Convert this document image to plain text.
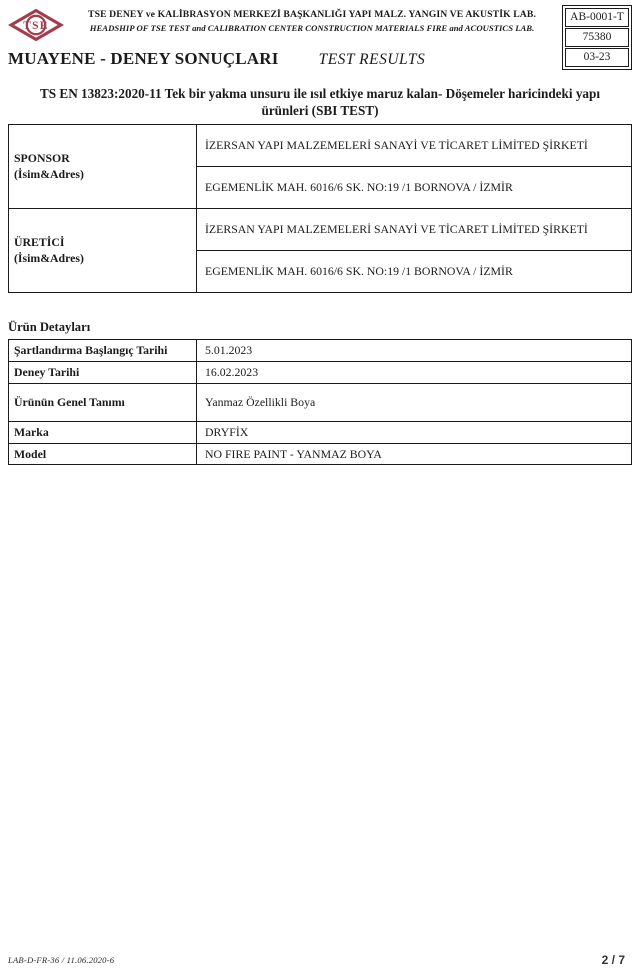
TSE
TSE DENEY ve KALİBRASYON MERKEZİ BAŞKANLIĞI YAPI MALZ. YANGIN VE AKUSTİK LAB.
HEADSHIP OF TSE TEST and CALIBRATION CENTER CONSTRUCTION MATERIALS FIRE and ACOUSTICS LAB.
MUAYENE - DENEY SONUÇLARI	TEST RESULTS
AB-0001-T
75380
03-23
TS EN 13823:2020-11 Tek bir yakma unsuru ile ısıl etkiye maruz kalan- Döşemeler haricindeki yapı
ürünleri (SBI TEST)
SPONSOR
(İsim&Adres)	İZERSAN YAPI MALZEMELERİ SANAYİ VE TİCARET LİMİTED ŞİRKETİ
	EGEMENLİK MAH. 6016/6 SK. NO:19 /1 BORNOVA / İZMİR

ÜRETİCİ
(İsim&Adres)	İZERSAN YAPI MALZEMELERİ SANAYİ VE TİCARET LİMİTED ŞİRKETİ
	EGEMENLİK MAH. 6016/6 SK. NO:19 /1 BORNOVA / İZMİR
Ürün Detayları
Şartlandırma Başlangıç Tarihi	5.01.2023
Deney Tarihi	16.02.2023
Ürünün Genel Tanımı	Yanmaz Özellikli Boya
Marka	DRYFİX
Model	NO FIRE PAINT - YANMAZ BOYA
LAB-D-FR-36 / 11.06.2020-6	2 / 7
